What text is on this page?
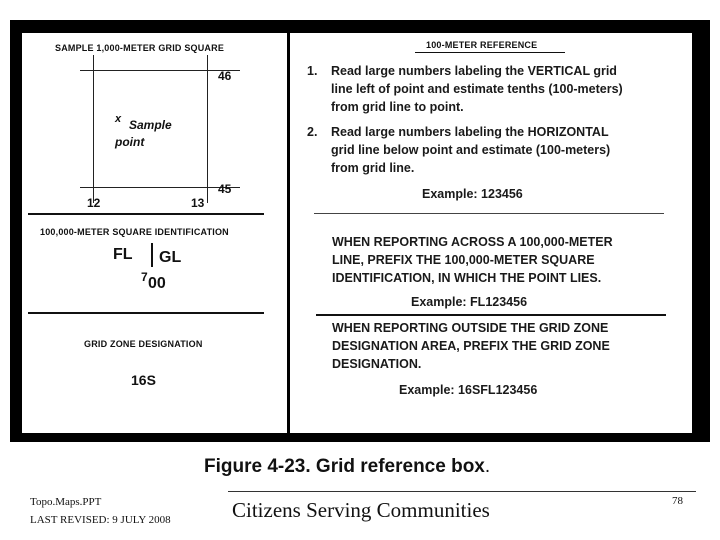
SAMPLE 1,000-METER GRID SQUARE
46
45
12	13
x Sample
point
100,000-METER SQUARE IDENTIFICATION
FL GL
7 00
GRID ZONE DESIGNATION
16S
100-METER REFERENCE
1. Read large numbers labeling the VERTICAL grid
line left of point and estimate tenths (100-meters)
from grid line to point.
2. Read large numbers labeling the HORIZONTAL
grid line below point and estimate (100-meters)
from grid line.
Example: 123456
WHEN REPORTING ACROSS A 100,000-METER
LINE, PREFIX THE 100,000-METER SQUARE
IDENTIFICATION, IN WHICH THE POINT LIES.
Example: FL123456
WHEN REPORTING OUTSIDE THE GRID ZONE
DESIGNATION AREA, PREFIX THE GRID ZONE
DESIGNATION.
Example: 16SFL123456
Figure 4-23. Grid reference box.
Topo.Maps.PPT
LAST REVISED: 9 JULY 2008	Citizens Serving Communities	78
